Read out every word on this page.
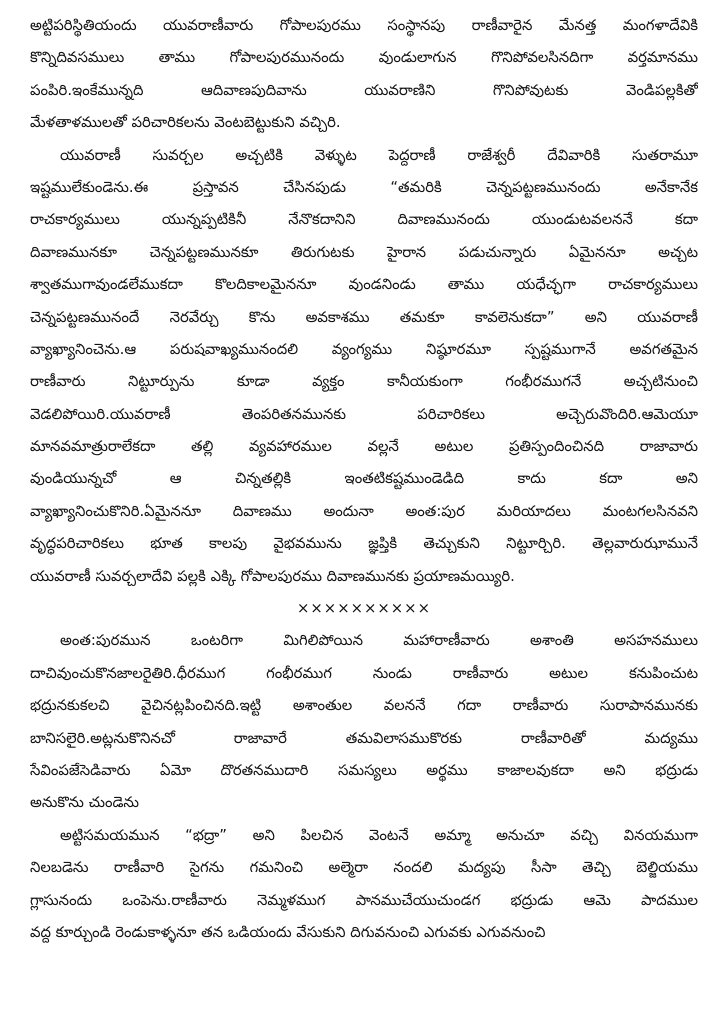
అట్టిపరిస్థితియందు యువరాణీవారు గోపాలపురము సంస్థానపు రాణీవారైన మేనత్త మంగళాదేవికి
కొన్నిదివసములు తాము గోపాలపురమునందు వుండులాగున గొనిపోవలసినదిగా వర్తమానము
పంపిరి.ఇంకేమున్నది ఆదివాణపుదివాను యువరాణిని గొనిపోవుటకు వెండిపల్లకితో
మేళతాళములతో పరిచారికలను వెంటబెట్టుకుని వచ్చిరి.
యువరాణీ సువర్చల అచ్చటికి వెళ్ళుట పెద్దరాణీ రాజేశ్వరీ దేవివారికి సుతరామూ
ఇష్టములేకుండెను.ఈ ప్రస్తావన చేసినపుడు “తమరికి చెన్నపట్టణమునందు అనేకానేక
రాచకార్యములు యున్నప్పటికినీ నేనొకదానిని దివాణమునందు యుండుటవలననే కదా
దివాణమునకూ చెన్నపట్టణమునకూ తిరుగుటకు హైరాన పడుచున్నారు ఏమైననూ అచ్చట
శ్వాతముగావుండలేముకదా కొలదికాలమైననూ వుండనిండు తాము యధేచ్ఛగా రాచకార్యములు
చెన్నపట్టణమునందే నెరవేర్చు కొను అవకాశము తమకూ కావలెనుకదా” అని యువరాణీ
వ్యాఖ్యానించెను.ఆ పరుషవాఖ్యమునందలి వ్యంగ్యము నిష్ఠూరమూ స్పష్టముగానే అవగతమైన
రాణీవారు నిట్టూర్పును కూడా వ్యక్తం కానీయకుంగా గంభీరముగనే అచ్చటినుంచి
వెడలిపోయిరి.యువరాణీ తెంపరితనమునకు పరిచారికలు అచ్చెరువొందిరి.ఆమెయూ
మానవమాత్రురాలేకదా తల్లి వ్యవహారముల వల్లనే అటుల ప్రతిస్పందించినది రాజావారు
వుండియున్నచో ఆ చిన్నతల్లికి ఇంతటికష్టముండెడిది కాదు కదా అని
వ్యాఖ్యానించుకొనిరి.ఏమైననూ దివాణము అందునా అంత:పుర మరియాదలు మంటగలసినవని
వృద్ధపరిచారికలు భూత కాలపు వైభవమును జ్ఞప్తికి తెచ్చుకుని నిట్టూర్చిరి. తెల్లవారుఝామునే
యువరాణీ సువర్చలాదేవి పల్లకి ఎక్కి గోపాలపురము దివాణమునకు ప్రయాణమయ్యిరి.
××××××××××
అంత:పురమున ఒంటరిగా మిగిలిపోయిన మహారాణీవారు అశాంతి అసహనములు
దాచివుంచుకొనజాలరైతిరి.ధీరముగ గంభీరముగ నుండు రాణీవారు అటుల కనుపించుట
భద్రునకుకలచి వైచినట్లపించినది.ఇట్టి అశాంతుల వలననే గదా రాణీవారు సురాపానమునకు
బానిసలైరి.అట్లనుకొనినచో రాజావారే తమవిలాసముకొరకు రాణీవారితో మద్యము
సేవింపజేసెడివారు ఏమో దొరతనముదారి సమస్యలు అర్థము కాజాలవుకదా అని భద్రుడు
అనుకొను చుండెను
అట్టిసమయమున “భద్రా” అని పిలచిన వెంటనే అమ్మా అనుచూ వచ్చి వినయముగా
నిలబడెను రాణీవారి సైగను గమనించి అల్మెరా నందలి మద్యపు సీసా తెచ్చి బెల్జియము
గ్లాసునందు ఒంపెను.రాణీవారు నెమ్మళముగ పానముచేయుచుండగ భద్రుడు ఆమె పాదముల
వద్ద కూర్చుండి రెండుకాళ్ళనూ తన ఒడియందు వేసుకుని దిగువనుంచి ఎగువకు ఎగువనుంచి
